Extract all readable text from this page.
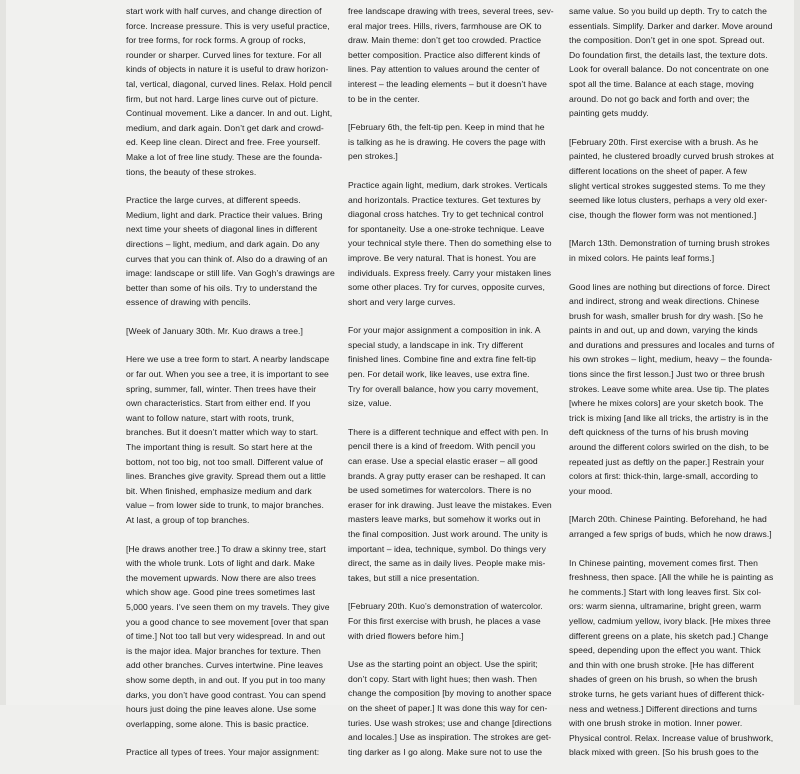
start work with half curves, and change direction of
force. Increase pressure. This is very useful practice,
for tree forms, for rock forms. A group of rocks,
rounder or sharper. Curved lines for texture. For all
kinds of objects in nature it is useful to draw horizon-
tal, vertical, diagonal, curved lines. Relax. Hold pencil
firm, but not hard. Large lines curve out of picture.
Continual movement. Like a dancer. In and out. Light,
medium, and dark again. Don’t get dark and crowd-
ed. Keep line clean. Direct and free. Free yourself.
Make a lot of free line study. These are the founda-
tions, the beauty of these strokes.

Practice the large curves, at different speeds.
Medium, light and dark. Practice their values. Bring
next time your sheets of diagonal lines in different
directions – light, medium, and dark again. Do any
curves that you can think of. Also do a drawing of an
image: landscape or still life. Van Gogh’s drawings are
better than some of his oils. Try to understand the
essence of drawing with pencils.

[Week of January 30th. Mr. Kuo draws a tree.]

Here we use a tree form to start. A nearby landscape
or far out. When you see a tree, it is important to see
spring, summer, fall, winter. Then trees have their
own characteristics. Start from either end. If you
want to follow nature, start with roots, trunk,
branches. But it doesn’t matter which way to start.
The important thing is result. So start here at the
bottom, not too big, not too small. Different value of
lines. Branches give gravity. Spread them out a little
bit. When finished, emphasize medium and dark
value – from lower side to trunk, to major branches.
At last, a group of top branches.

[He draws another tree.] To draw a skinny tree, start
with the whole trunk. Lots of light and dark. Make
the movement upwards. Now there are also trees
which show age. Good pine trees sometimes last
5,000 years. I’ve seen them on my travels. They give
you a good chance to see movement [over that span
of time.] Not too tall but very widespread. In and out
is the major idea. Major branches for texture. Then
add other branches. Curves intertwine. Pine leaves
show some depth, in and out. If you put in too many
darks, you don’t have good contrast. You can spend
hours just doing the pine leaves alone. Use some
overlapping, some alone. This is basic practice.

Practice all types of trees. Your major assignment:

free landscape drawing with trees, several trees, sev-
eral major trees. Hills, rivers, farmhouse are OK to
draw. Main theme: don’t get too crowded. Practice
better composition. Practice also different kinds of
lines. Pay attention to values around the center of
interest – the leading elements – but it doesn’t have
to be in the center.

[February 6th, the felt-tip pen. Keep in mind that he
is talking as he is drawing. He covers the page with
pen strokes.]

Practice again light, medium, dark strokes. Verticals
and horizontals. Practice textures. Get textures by
diagonal cross hatches. Try to get technical control
for spontaneity. Use a one-stroke technique. Leave
your technical style there. Then do something else to
improve. Be very natural. That is honest. You are
individuals. Express freely. Carry your mistaken lines
some other places. Try for curves, opposite curves,
short and very large curves.

For your major assignment a composition in ink. A
special study, a landscape in ink. Try different
finished lines. Combine fine and extra fine felt-tip
pen. For detail work, like leaves, use extra fine.
Try for overall balance, how you carry movement,
size, value.

There is a different technique and effect with pen. In
pencil there is a kind of freedom. With pencil you
can erase. Use a special elastic eraser – all good
brands. A gray putty eraser can be reshaped. It can
be used sometimes for watercolors. There is no
eraser for ink drawing. Just leave the mistakes. Even
masters leave marks, but somehow it works out in
the final composition. Just work around. The unity is
important – idea, technique, symbol. Do things very
direct, the same as in daily lives. People make mis-
takes, but still a nice presentation.

[February 20th. Kuo’s demonstration of watercolor.
For this first exercise with brush, he places a vase
with dried flowers before him.]

Use as the starting point an object. Use the spirit;
don’t copy. Start with light hues; then wash. Then
change the composition [by moving to another space
on the sheet of paper.] It was done this way for cen-
turies. Use wash strokes; use and change [directions
and locales.] Use as inspiration. The strokes are get-
ting darker as I go along. Make sure not to use the

same value. So you build up depth. Try to catch the
essentials. Simplify. Darker and darker. Move around
the composition. Don’t get in one spot. Spread out.
Do foundation first, the details last, the texture dots.
Look for overall balance. Do not concentrate on one
spot all the time. Balance at each stage, moving
around. Do not go back and forth and over; the
painting gets muddy.

[February 20th. First exercise with a brush. As he
painted, he clustered broadly curved brush strokes at
different locations on the sheet of paper. A few
slight vertical strokes suggested stems. To me they
seemed like lotus clusters, perhaps a very old exer-
cise, though the flower form was not mentioned.]

[March 13th. Demonstration of turning brush strokes
in mixed colors. He paints leaf forms.]

Good lines are nothing but directions of force. Direct
and indirect, strong and weak directions. Chinese
brush for wash, smaller brush for dry wash. [So he
paints in and out, up and down, varying the kinds
and durations and pressures and locales and turns of
his own strokes – light, medium, heavy – the founda-
tions since the first lesson.] Just two or three brush
strokes. Leave some white area. Use tip. The plates
[where he mixes colors] are your sketch book. The
trick is mixing [and like all tricks, the artistry is in the
deft quickness of the turns of his brush moving
around the different colors swirled on the dish, to be
repeated just as deftly on the paper.] Restrain your
colors at first: thick-thin, large-small, according to
your mood.

[March 20th. Chinese Painting. Beforehand, he had
arranged a few sprigs of buds, which he now draws.]

In Chinese painting, movement comes first. Then
freshness, then space. [All the while he is painting as
he comments.] Start with long leaves first. Six col-
ors: warm sienna, ultramarine, bright green, warm
yellow, cadmium yellow, ivory black. [He mixes three
different greens on a plate, his sketch pad.] Change
speed, depending upon the effect you want. Thick
and thin with one brush stroke. [He has different
shades of green on his brush, so when the brush
stroke turns, he gets variant hues of different thick-
ness and wetness.] Different directions and turns
with one brush stroke in motion. Inner power.
Physical control. Relax. Increase value of brushwork,
black mixed with green. [So his brush goes to the
